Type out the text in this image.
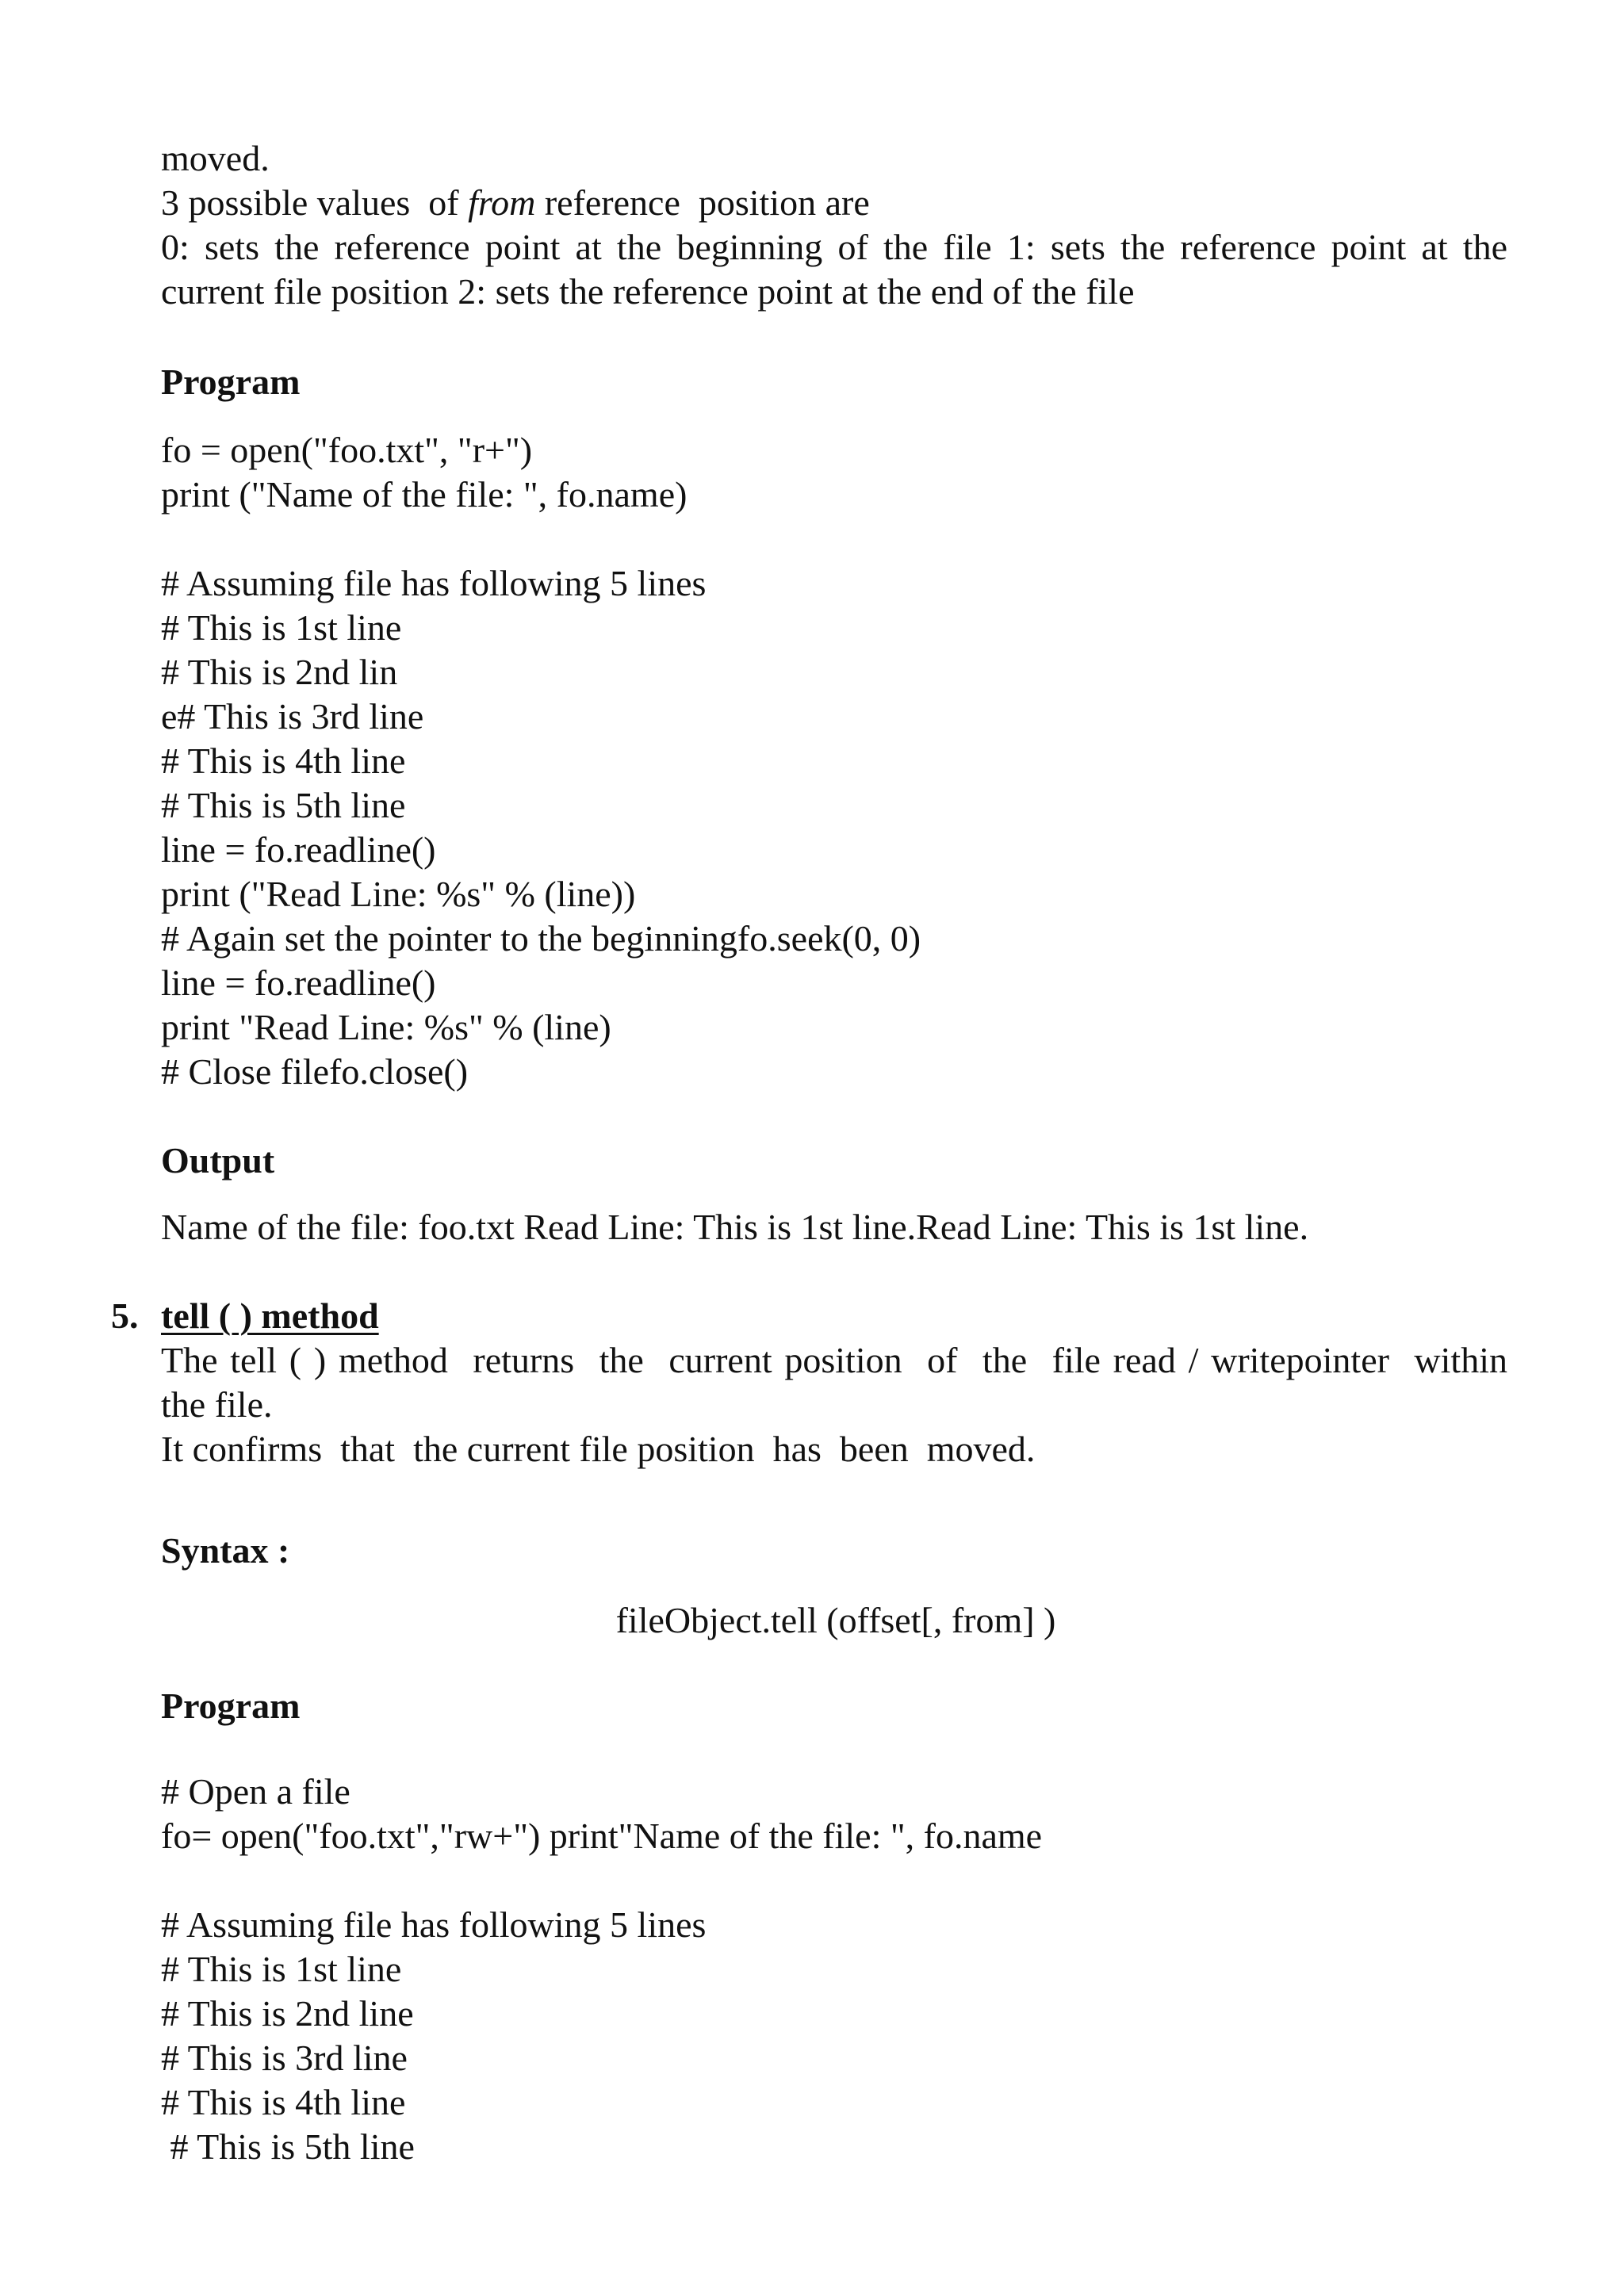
moved.
3 possible values  of from reference  position are
0: sets the reference point at the beginning of the file 1: sets the reference point at the
current file position 2: sets the reference point at the end of the file
Program
fo = open("foo.txt", "r+")
print ("Name of the file: ", fo.name)
# Assuming file has following 5 lines
# This is 1st line
# This is 2nd lin
e# This is 3rd line
# This is 4th line
# This is 5th line
line = fo.readline()
print ("Read Line: %s" % (line))
# Again set the pointer to the beginningfo.seek(0, 0)
line = fo.readline()
print "Read Line: %s" % (line)
# Close filefo.close()
Output
Name of the file: foo.txt Read Line: This is 1st line.Read Line: This is 1st line.
5. tell ( ) method
The tell ( ) method  returns  the  current position  of  the  file read / writepointer  within
the file.
It confirms  that  the current file position  has  been  moved.
Syntax :
fileObject.tell (offset[, from] )
Program
# Open a file
fo= open("foo.txt","rw+") print"Name of the file: ", fo.name
# Assuming file has following 5 lines
# This is 1st line
# This is 2nd line
# This is 3rd line
# This is 4th line
# This is 5th line
